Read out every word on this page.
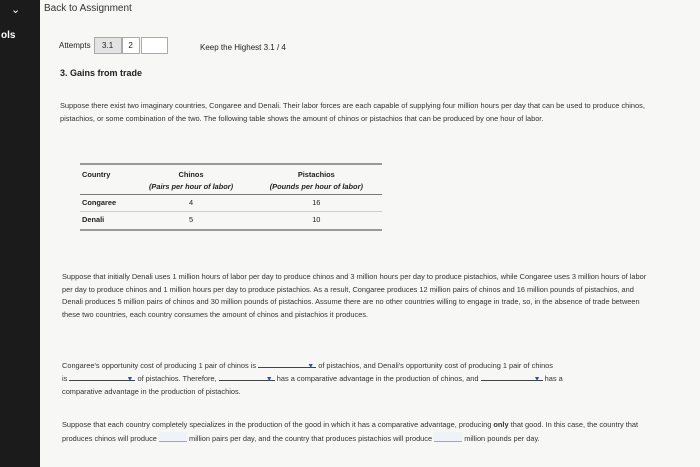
⌄
ols
Back to Assignment
Attempts	3.1	2	Keep the Highest 3.1 / 4
3. Gains from trade

Suppose there exist two imaginary countries, Congaree and Denali. Their labor forces are each capable of supplying four million hours per day that can be used to produce chinos, pistachios, or some combination of the two. The following table shows the amount of chinos or pistachios that can be produced by one hour of labor.

Country	Chinos	Pistachios
	(Pairs per hour of labor)	(Pounds per hour of labor)
Congaree	4	16
Denali	5	10

Suppose that initially Denali uses 1 million hours of labor per day to produce chinos and 3 million hours per day to produce pistachios, while Congaree uses 3 million hours of labor per day to produce chinos and 1 million hours per day to produce pistachios. As a result, Congaree produces 12 million pairs of chinos and 16 million pounds of pistachios, and Denali produces 5 million pairs of chinos and 30 million pounds of pistachios. Assume there are no other countries willing to engage in trade, so, in the absence of trade between these two countries, each country consumes the amount of chinos and pistachios it produces.

Congaree's opportunity cost of producing 1 pair of chinos is	▼ of pistachios, and Denali's opportunity cost of producing 1 pair of chinos
is	▼ of pistachios. Therefore,	▼ has a comparative advantage in the production of chinos, and	▼ has a
comparative advantage in the production of pistachios.
Suppose that each country completely specializes in the production of the good in which it has a comparative advantage, producing only that good. In this case, the country that produces chinos will produce	million pairs per day, and the country that produces pistachios will produce	million pounds per day.
